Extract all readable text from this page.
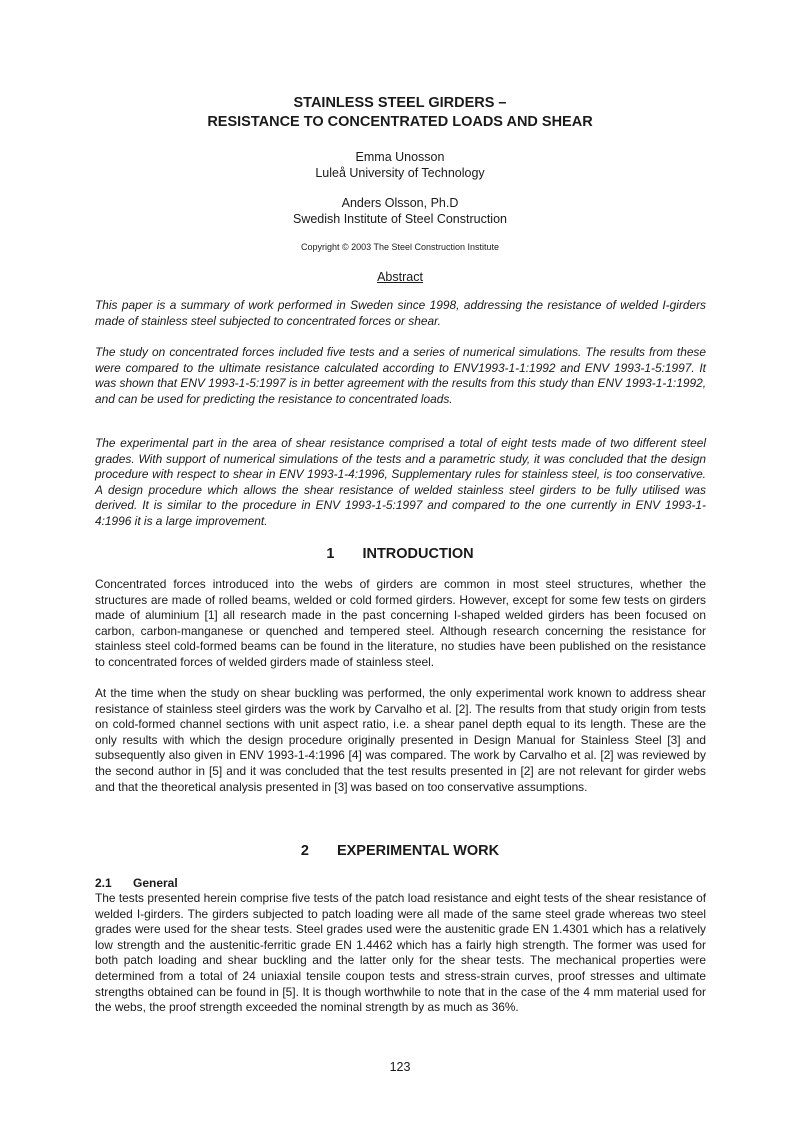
STAINLESS STEEL GIRDERS –
RESISTANCE TO CONCENTRATED LOADS AND SHEAR
Emma Unosson
Luleå University of Technology
Anders Olsson, Ph.D
Swedish Institute of Steel Construction
Copyright © 2003 The Steel Construction Institute
Abstract

This paper is a summary of work performed in Sweden since 1998, addressing the resistance of welded I-girders made of stainless steel subjected to concentrated forces or shear.

The study on concentrated forces included five tests and a series of numerical simulations. The results from these were compared to the ultimate resistance calculated according to ENV1993-1-1:1992 and ENV 1993-1-5:1997. It was shown that ENV 1993-1-5:1997 is in better agreement with the results from this study than ENV 1993-1-1:1992, and can be used for predicting the resistance to concentrated loads.

The experimental part in the area of shear resistance comprised a total of eight tests made of two different steel grades. With support of numerical simulations of the tests and a parametric study, it was concluded that the design procedure with respect to shear in ENV 1993-1-4:1996, Supplementary rules for stainless steel, is too conservative. A design procedure which allows the shear resistance of welded stainless steel girders to be fully utilised was derived. It is similar to the procedure in ENV 1993-1-5:1997 and compared to the one currently in ENV 1993-1-4:1996 it is a large improvement.

1 INTRODUCTION

Concentrated forces introduced into the webs of girders are common in most steel structures, whether the structures are made of rolled beams, welded or cold formed girders. However, except for some few tests on girders made of aluminium [1] all research made in the past concerning I-shaped welded girders has been focused on carbon, carbon-manganese or quenched and tempered steel. Although research concerning the resistance for stainless steel cold-formed beams can be found in the literature, no studies have been published on the resistance to concentrated forces of welded girders made of stainless steel.

At the time when the study on shear buckling was performed, the only experimental work known to address shear resistance of stainless steel girders was the work by Carvalho et al. [2]. The results from that study origin from tests on cold-formed channel sections with unit aspect ratio, i.e. a shear panel depth equal to its length. These are the only results with which the design procedure originally presented in Design Manual for Stainless Steel [3] and subsequently also given in ENV 1993-1-4:1996 [4] was compared. The work by Carvalho et al. [2] was reviewed by the second author in [5] and it was concluded that the test results presented in [2] are not relevant for girder webs and that the theoretical analysis presented in [3] was based on too conservative assumptions.

2 EXPERIMENTAL WORK
2.1 General

The tests presented herein comprise five tests of the patch load resistance and eight tests of the shear resistance of welded I-girders. The girders subjected to patch loading were all made of the same steel grade whereas two steel grades were used for the shear tests. Steel grades used were the austenitic grade EN 1.4301 which has a relatively low strength and the austenitic-ferritic grade EN 1.4462 which has a fairly high strength. The former was used for both patch loading and shear buckling and the latter only for the shear tests. The mechanical properties were determined from a total of 24 uniaxial tensile coupon tests and stress-strain curves, proof stresses and ultimate strengths obtained can be found in [5]. It is though worthwhile to note that in the case of the 4 mm material used for the webs, the proof strength exceeded the nominal strength by as much as 36%.

123
